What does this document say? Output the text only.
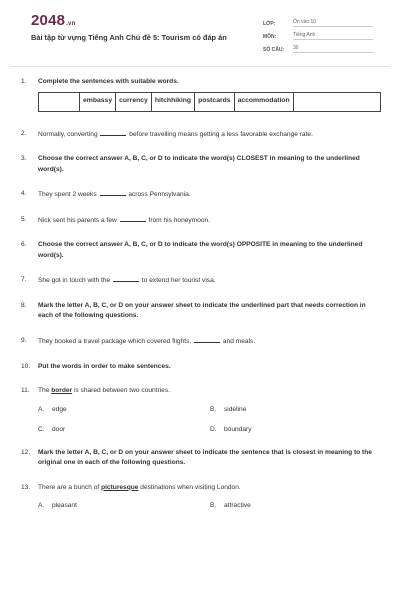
2048.vn
Bài tập từ vựng Tiếng Anh Chủ đề 5: Tourism có đáp án
LỚP:	Ôn vào 10
MÔN:	Tiếng Anh
SỐ CÂU:	30
1.	Complete the sentences with suitable words.
embassy	currency	hitchhiking	postcards	accommodation
2.	Normally, converting	before travelling means getting a less favorable exchange rate.
3.	Choose the correct answer A, B, C, or D to indicate the word(s) CLOSEST in meaning to the underlined word(s).
4.	They spent 2 weeks	across Pennsylvania.
5.	Nick sent his parents a few	from his honeymoon.
6.	Choose the correct answer A, B, C, or D to indicate the word(s) OPPOSITE in meaning to the underlined word(s).
7.	She got in touch with the	to extend her tourist visa.
8.	Mark the letter A, B, C, or D on your answer sheet to indicate the underlined part that needs correction in each of the following questions.
9.	They booked a travel package which covered flights,	and meals.
10.	Put the words in order to make sentences.
11.	The border is shared between two countries.
A.	edge	B.	sideline
C.	door	D.	boundary
12.	Mark the letter A, B, C, or D on your answer sheet to indicate the sentence that is closest in meaning to the original one in each of the following questions.
13.	There are a bunch of picturesque destinations when visiting London.
A.	pleasant	B.	attractive
